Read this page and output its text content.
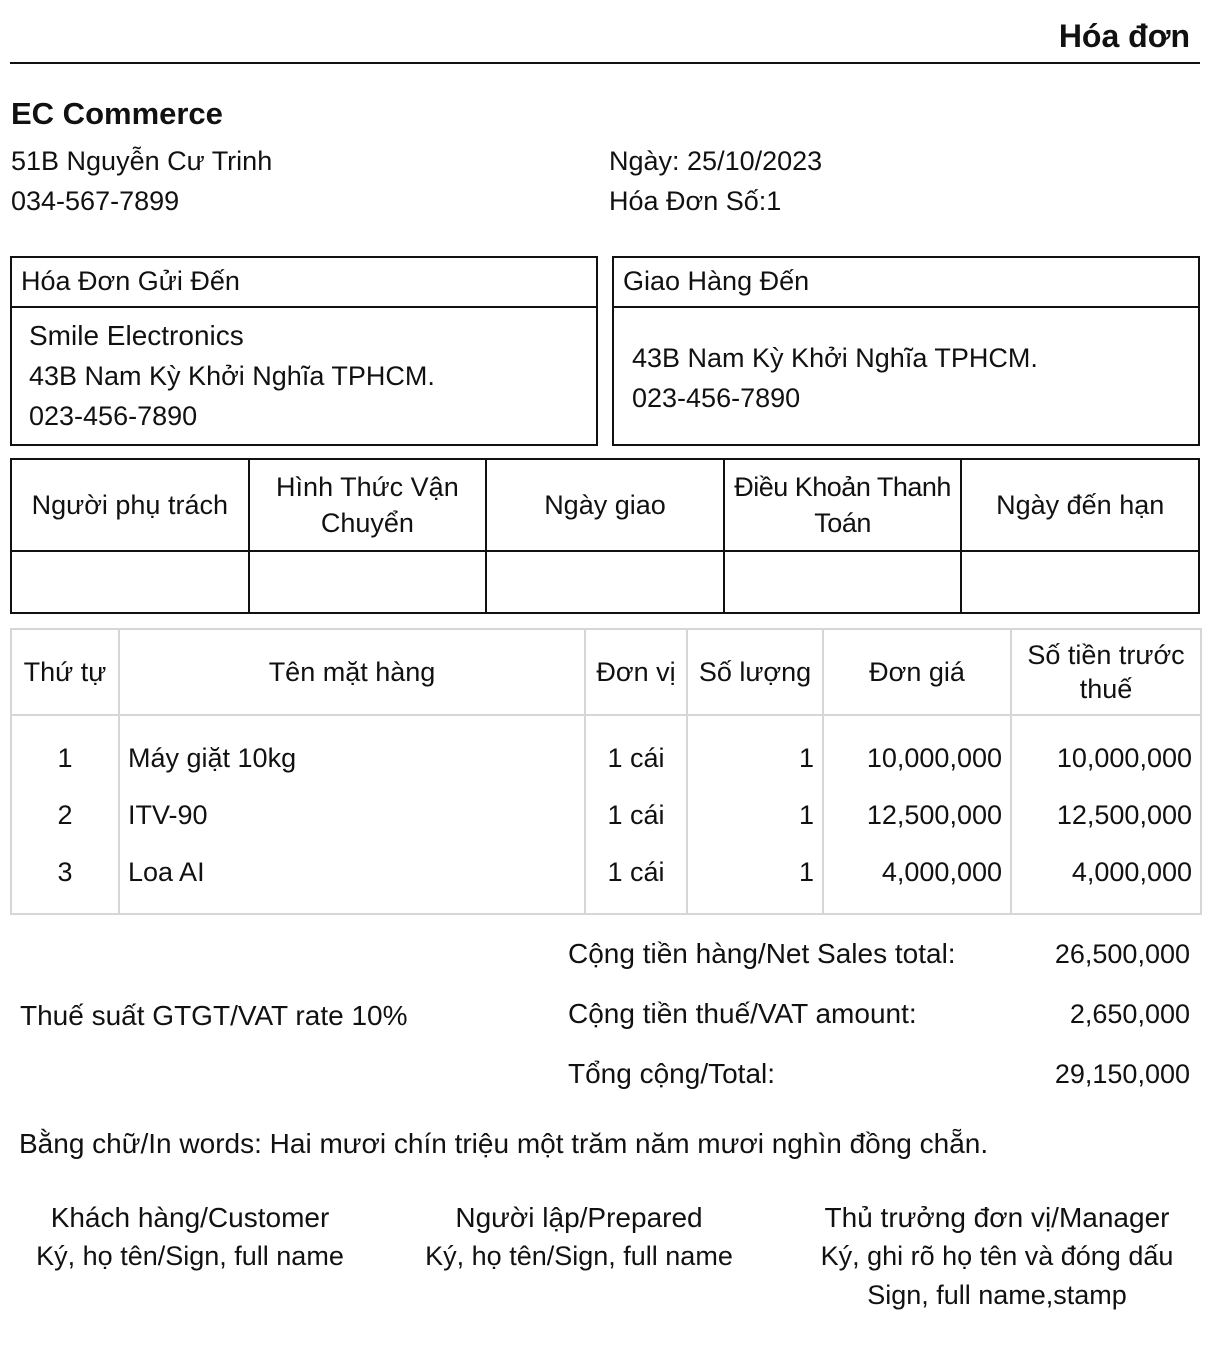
Hóa đơn
EC Commerce
51B Nguyễn Cư Trinh
034-567-7899
Ngày: 25/10/2023
Hóa Đơn Số:1
Hóa Đơn Gửi Đến
Smile Electronics
43B Nam Kỳ Khởi Nghĩa TPHCM.
023-456-7890
Giao Hàng Đến
43B Nam Kỳ Khởi Nghĩa TPHCM.
023-456-7890
Người phụ trách	Hình Thức Vận Chuyển	Ngày giao	Điều Khoản Thanh Toán	Ngày đến hạn

Thứ tự	Tên mặt hàng	Đơn vị	Số lượng	Đơn giá	Số tiền trước thuế
1	Máy giặt 10kg	1 cái	1	10,000,000	10,000,000
2	ITV-90	1 cái	1	12,500,000	12,500,000
3	Loa AI	1 cái	1	4,000,000	4,000,000
Thuế suất GTGT/VAT rate 10%
Cộng tiền hàng/Net Sales total:	26,500,000
Cộng tiền thuế/VAT amount:	2,650,000
Tổng cộng/Total:	29,150,000
Bằng chữ/In words: Hai mươi chín triệu một trăm năm mươi nghìn đồng chẵn.
Khách hàng/Customer
Ký, họ tên/Sign, full name
Người lập/Prepared
Ký, họ tên/Sign, full name
Thủ trưởng đơn vị/Manager
Ký, ghi rõ họ tên và đóng dấu
Sign, full name,stamp
